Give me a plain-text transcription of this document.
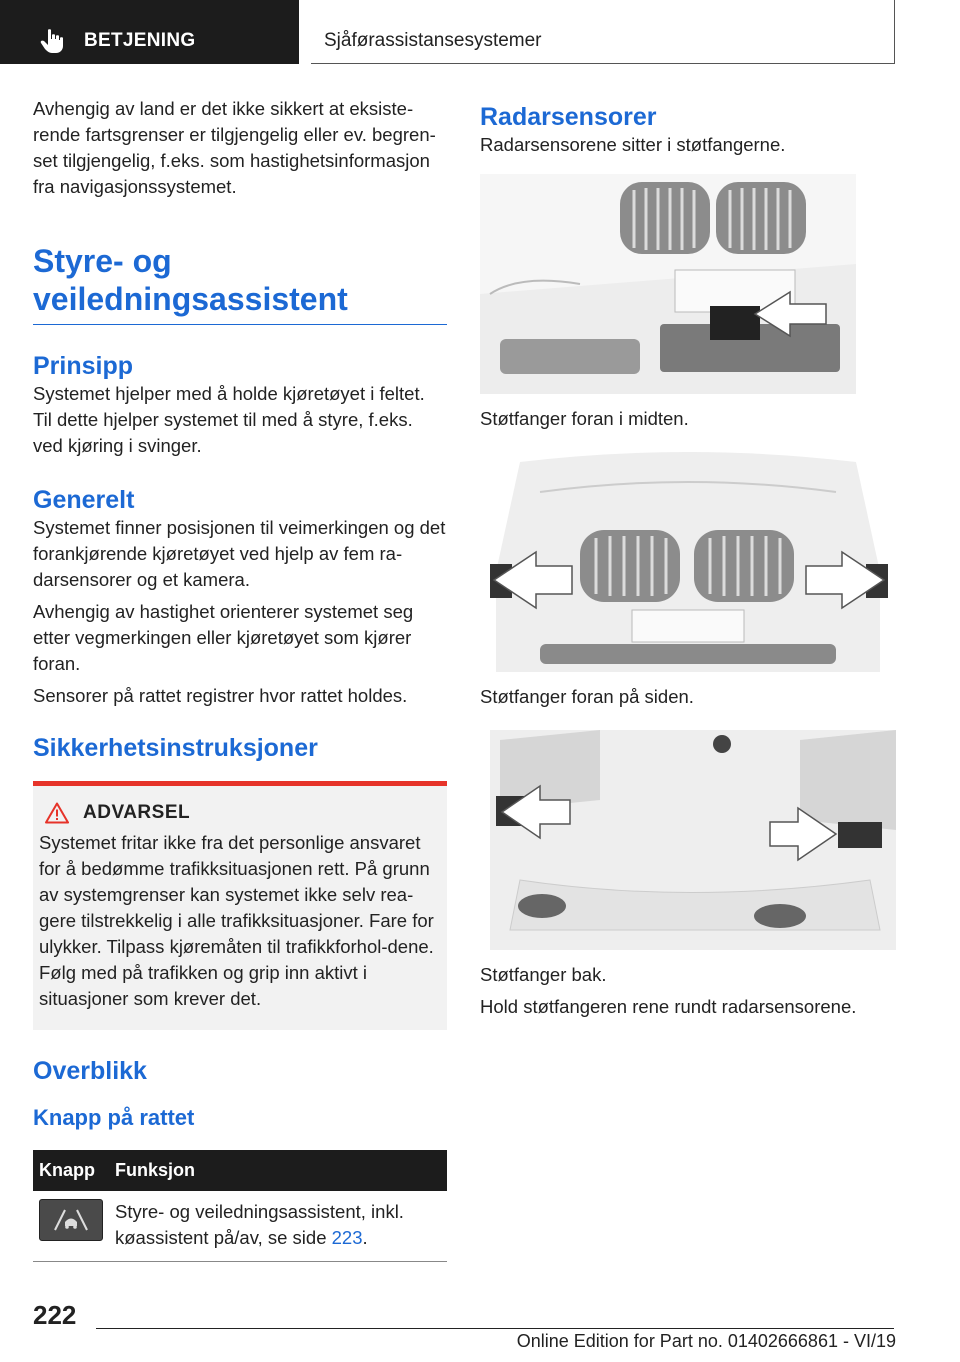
BETJENING	Sjåførassistansesystemer

Avhengig av land er det ikke sikkert at eksiste-rende fartsgrenser er tilgjengelig eller ev. begren-set tilgjengelig, f.eks. som hastighetsinformasjon fra navigasjonssystemet.

Styre- og
veiledningsassistent
Prinsipp

Systemet hjelper med å holde kjøretøyet i feltet. Til dette hjelper systemet til med å styre, f.eks. ved kjøring i svinger.

Generelt

Systemet finner posisjonen til veimerkingen og det forankjørende kjøretøyet ved hjelp av fem ra-darsensorer og et kamera.

Avhengig av hastighet orienterer systemet seg etter vegmerkingen eller kjøretøyet som kjører foran.

Sensorer på rattet registrer hvor rattet holdes.

Sikkerhetsinstruksjoner
ADVARSEL

Systemet fritar ikke fra det personlige ansvaret for å bedømme trafikksituasjonen rett. På grunn av systemgrenser kan systemet ikke selv rea-gere tilstrekkelig i alle trafikksituasjoner. Fare for ulykker. Tilpass kjøremåten til trafikkforhol-dene. Følg med på trafikken og grip inn aktivt i situasjoner som krever det.

Overblikk
Knapp på rattet
Knapp	Funksjon

	Styre- og veiledningsassistent, inkl. køassistent på/av, se side 223.
Radarsensorer

Radarsensorene sitter i støtfangerne.

Støtfanger foran i midten.

Støtfanger foran på siden.

Støtfanger bak.

Hold støtfangeren rene rundt radarsensorene.

222
Online Edition for Part no. 01402666861 - VI/19
